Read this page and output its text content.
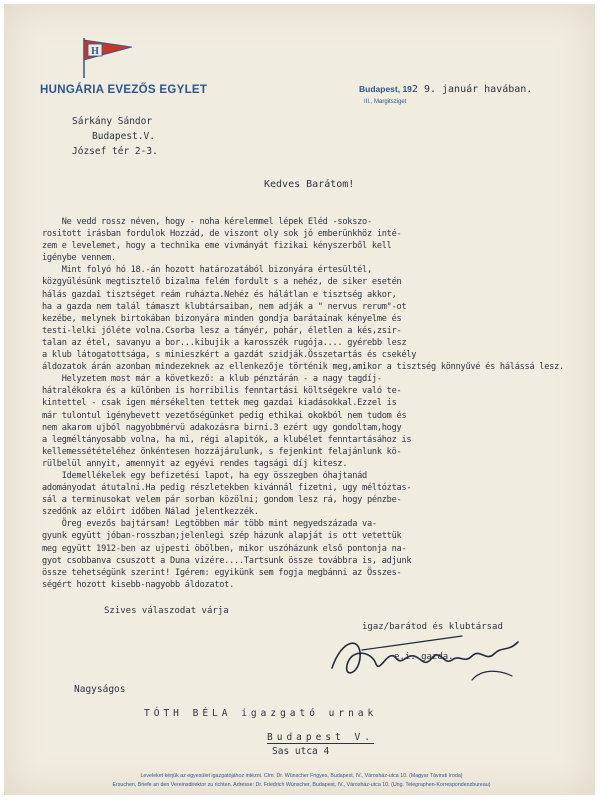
H
HUNGÁRIA EVEZŐS EGYLET	Budapest, 192 9. január havában.
III., Margitsziget
Sárkány Sándor
Budapest.V.
József tér 2-3.
Kedves Barátom!
Ne vedd rossz néven, hogy - noha kérelemmel lépek Eléd -sokszo-
rositott irásban fordulok Hozzád, de viszont oly sok jó emberünkhöz inté-
zem e levelemet, hogy a technika eme vivmányát fizikai kényszerből kell
igénybe vennem.
Mint folyó hó 18.-án hozott határozatából bizonyára értesültél,
közgyülésünk megtisztelő bizalma felém fordult s a nehéz, de siker esetén
hálás gazdai tisztséget reám ruházta.Nehéz és hálátlan e tisztség akkor,
ha a gazda nem talál támaszt klubtársaiban, nem adják a " nervus rerum"-ot
kezébe, melynek birtokában bizonyára minden gondja barátainak kényelme és
testi-lelki jóléte volna.Csorba lesz a tányér, pohár, életlen a kés,zsir-
talan az étel, savanyu a bor...kibujik a karosszék rugója.... gyérebb lesz
a klub látogatottsága, s minieszkért a gazdát szidják.Összetartás és csekély
áldozatok árán azonban mindezeknek az ellenkezője történik meg,amikor a tisztség könnyűvé és hálássá lesz.
Helyzetem most már a következő: a klub pénztárán - a nagy tagdíj-
hátralékokra és a különben is horribilis fenntartási költségekre való te-
kintettel - csak igen mérsékelten tettek meg gazdai kiadásokkal.Ezzel is
már tulontul igénybevett vezetőségünket pedig ethikai okokból nem tudom és
nem akarom ujból nagyobbmérvü adakozásra birni.3 ezért ugy gondoltam,hogy
a legméltányosabb volna, ha mi, régi alapitók, a klubélet fenntartásához is
kellemessétételéhez önkéntesen hozzájárulunk, s fejenkint felajánlunk kö-
rülbelül annyit, amennyit az egyévi rendes tagsági díj kitesz.
Idemellékelek egy befizetési lapot, ha egy összegben óhajtanád
adományodat átutalni.Ha pedig részletekben kivánnál fizetni, ugy méltóztas-
sál a terminusokat velem pár sorban közölni; gondom lesz rá, hogy pénzbe-
szedőnk az előirt időben Nálad jelentkezzék.
Öreg evezős bajtársam! Legtöbben már több mint negyedszázada va-
gyunk együtt jóban-rosszban;jelenlegi szép házunk alapját is ott vetettük
meg együtt 1912-ben az ujpesti öbölben, mikor uszóházunk első pontonja na-
gyot csobbanva csuszott a Duna vizére....Tartsunk össze továbbra is, adjunk
össze tehetségünk szerint! Igérem: egyikünk sem fogja megbánni az Összes-
ségért hozott kisebb-nagyobb áldozatot.
Szives válaszodat várja
igaz/barátod és klubtársad
e.i. gazda.
Nagyságos
TÓTH BÉLA igazgató urnak
Budapest V.
Sas utca 4
Leveleket kérjük az egyesület igazgatójához intézni. Cím: Dr. Wünscher Frigyes, Budapest, IV., Városház-utca 10. (Magyar Távirati Iroda)
Ersuchen, Briefe an den Vereinsdirektor zu richten. Adresse: Dr. Friedrich Wünscher, Budapest, IV., Városház-utca 10. (Ung. Telegraphen-Korrespondenzbureau)
